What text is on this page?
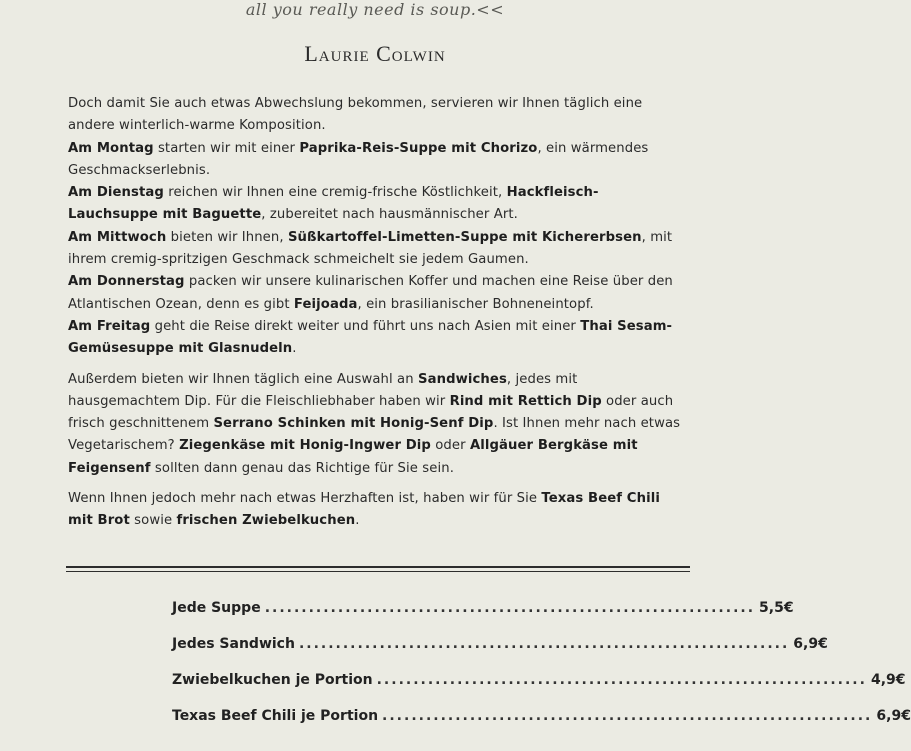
all you really need is soup.<<
Laurie Colwin

Doch damit Sie auch etwas Abwechslung bekommen, servieren wir Ihnen täglich eine andere winterlich-warme Komposition.
Am Montag starten wir mit einer Paprika-Reis-Suppe mit Chorizo, ein wärmendes Geschmackserlebnis.
Am Dienstag reichen wir Ihnen eine cremig-frische Köstlichkeit, Hackfleisch-Lauchsuppe mit Baguette, zubereitet nach hausmännischer Art.
Am Mittwoch bieten wir Ihnen, Süßkartoffel-Limetten-Suppe mit Kichererbsen, mit ihrem cremig-spritzigen Geschmack schmeichelt sie jedem Gaumen.
Am Donnerstag packen wir unsere kulinarischen Koffer und machen eine Reise über den Atlantischen Ozean, denn es gibt Feijoada, ein brasilianischer Bohneneintopf.
Am Freitag geht die Reise direkt weiter und führt uns nach Asien mit einer Thai Sesam-Gemüsesuppe mit Glasnudeln.

Außerdem bieten wir Ihnen täglich eine Auswahl an Sandwiches, jedes mit hausgemachtem Dip. Für die Fleischliebhaber haben wir Rind mit Rettich Dip oder auch frisch geschnittenem Serrano Schinken mit Honig-Senf Dip. Ist Ihnen mehr nach etwas Vegetarischem? Ziegenkäse mit Honig-Ingwer Dip oder Allgäuer Bergkäse mit Feigensenf sollten dann genau das Richtige für Sie sein.

Wenn Ihnen jedoch mehr nach etwas Herzhaften ist, haben wir für Sie Texas Beef Chili mit Brot sowie frischen Zwiebelkuchen.

Jede Suppe ................................................................... 5,5€
Jedes Sandwich ................................................................... 6,9€
Zwiebelkuchen je Portion ................................................................... 4,9€
Texas Beef Chili je Portion ................................................................... 6,9€
